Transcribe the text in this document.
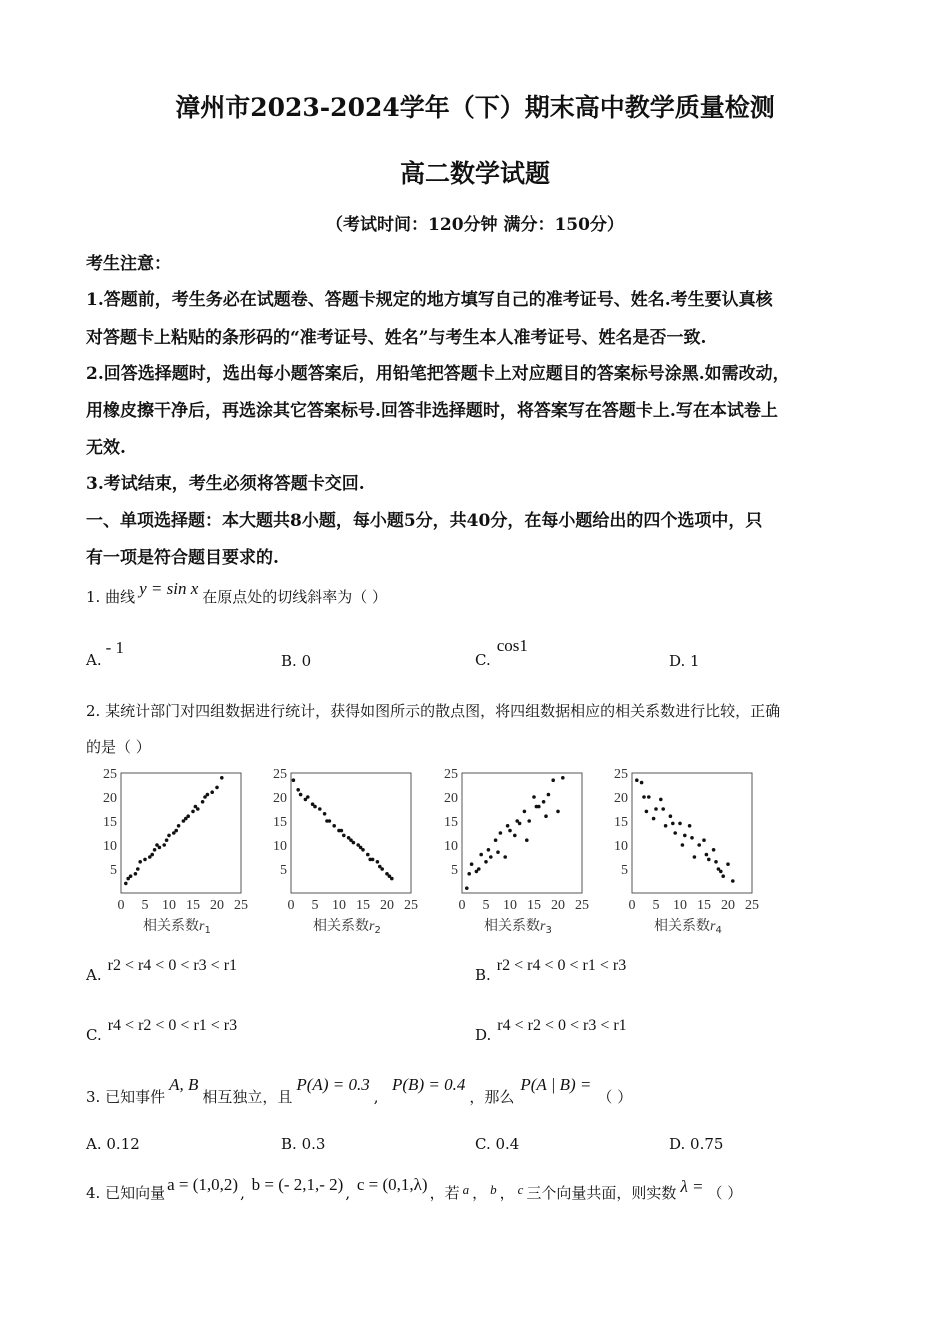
漳州市2023-2024学年（下）期末高中教学质量检测
高二数学试题
（考试时间：120分钟 满分：150分）
考生注意：
1.答题前，考生务必在试题卷、答题卡规定的地方填写自己的准考证号、姓名.考生要认真核
对答题卡上粘贴的条形码的“准考证号、姓名”与考生本人准考证号、姓名是否一致.
2.回答选择题时，选出每小题答案后，用铅笔把答题卡上对应题目的答案标号涂黑.如需改动，
用橡皮擦干净后，再选涂其它答案标号.回答非选择题时，将答案写在答题卡上.写在本试卷上
无效.
3.考试结束，考生必须将答题卡交回.
一、单项选择题：本大题共8小题，每小题5分，共40分，在每小题给出的四个选项中，只
有一项是符合题目要求的.
1. 曲线 y = sin x 在原点处的切线斜率为（ ）
A.- 1
B. 0	C.cos1
D. 1
2. 某统计部门对四组数据进行统计，获得如图所示的散点图，将四组数据相应的相关系数进行比较，正确
的是（ ）
5
10
15
20
25
0 5 10 15 20 25
相关系数$r_1$
5
10
15
20
25
0 5 10 15 20 25
相关系数$r_2$
5
10
15
20
25
0 5 10 15 20 25
相关系数$r_3$
5
10
15
20
25
0 5 10 15 20 25
相关系数$r_4$
A.r2 < r4 < 0 < r3 < r1
B.r2 < r4 < 0 < r1 < r3
C.r4 < r2 < 0 < r1 < r3
D.r4 < r2 < 0 < r3 < r1
3. 已知事件A, B相互独立，且P(A) = 0.3,  P(B) = 0.4，那么P(A | B) =（ ）
A. 0.12	B. 0.3	C. 0.4	D. 0.75
4. 已知向量 a = (1,0,2) , b = (- 2,1,- 2) , c = (0,1,λ) ，若 a ， b ， c 三个向量共面，则实数 λ = （ ）
